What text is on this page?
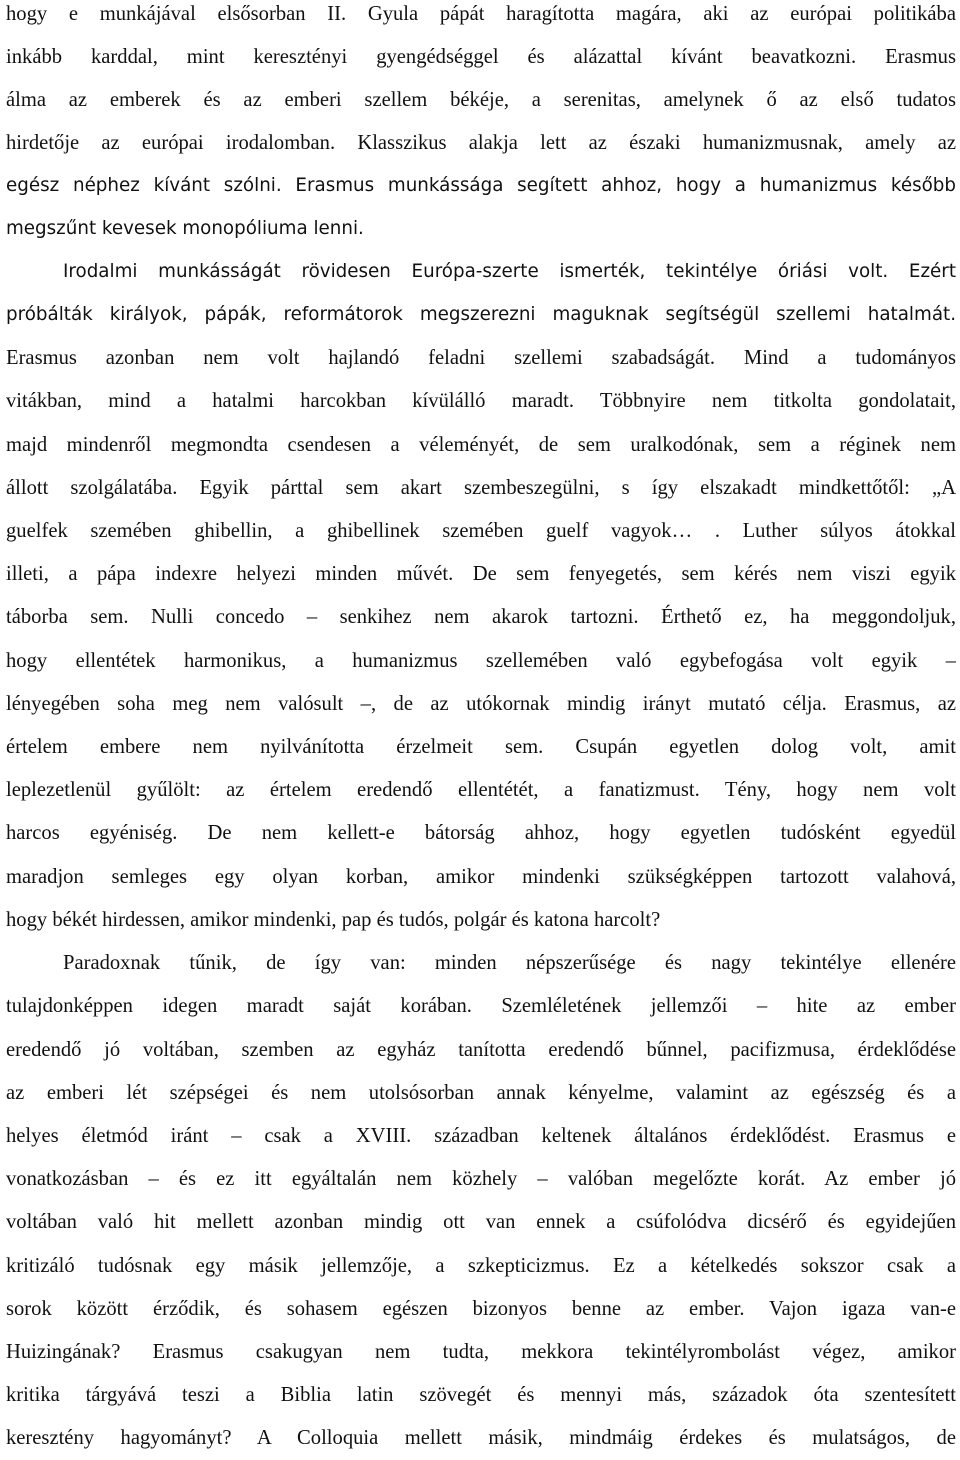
hogy e munkájával elsősorban II. Gyula pápát haragította magára, aki az európai politikába
inkább karddal, mint keresztényi gyengédséggel és alázattal kívánt beavatkozni. Erasmus
álma az emberek és az emberi szellem békéje, a serenitas, amelynek ő az első tudatos
hirdetője az európai irodalomban. Klasszikus alakja lett az északi humanizmusnak, amely az
egész néphez kívánt szólni. Erasmus munkássága segített ahhoz, hogy a humanizmus később
megszűnt kevesek monopóliuma lenni.
Irodalmi munkásságát rövidesen Európa-szerte ismerték, tekintélye óriási volt. Ezért
próbálták királyok, pápák, reformátorok megszerezni maguknak segítségül szellemi hatalmát.
Erasmus azonban nem volt hajlandó feladni szellemi szabadságát. Mind a tudományos
vitákban, mind a hatalmi harcokban kívülálló maradt. Többnyire nem titkolta gondolatait,
majd mindenről megmondta csendesen a véleményét, de sem uralkodónak, sem a réginek nem
állott szolgálatába. Egyik párttal sem akart szembeszegülni, s így elszakadt mindkettőtől: „A
guelfek szemében ghibellin, a ghibellinek szemében guelf vagyok… . Luther súlyos átokkal
illeti, a pápa indexre helyezi minden művét. De sem fenyegetés, sem kérés nem viszi egyik
táborba sem. Nulli concedo – senkihez nem akarok tartozni. Érthető ez, ha meggondoljuk,
hogy ellentétek harmonikus, a humanizmus szellemében való egybefogása volt egyik –
lényegében soha meg nem valósult –, de az utókornak mindig irányt mutató célja. Erasmus, az
értelem embere nem nyilvánította érzelmeit sem. Csupán egyetlen dolog volt, amit
leplezetlenül gyűlölt: az értelem eredendő ellentétét, a fanatizmust. Tény, hogy nem volt
harcos egyéniség. De nem kellett-e bátorság ahhoz, hogy egyetlen tudósként egyedül
maradjon semleges egy olyan korban, amikor mindenki szükségképpen tartozott valahová,
hogy békét hirdessen, amikor mindenki, pap és tudós, polgár és katona harcolt?
Paradoxnak tűnik, de így van: minden népszerűsége és nagy tekintélye ellenére
tulajdonképpen idegen maradt saját korában. Szemléletének jellemzői – hite az ember
eredendő jó voltában, szemben az egyház tanította eredendő bűnnel, pacifizmusa, érdeklődése
az emberi lét szépségei és nem utolsósorban annak kényelme, valamint az egészség és a
helyes életmód iránt – csak a XVIII. században keltenek általános érdeklődést. Erasmus e
vonatkozásban – és ez itt egyáltalán nem közhely – valóban megelőzte korát. Az ember jó
voltában való hit mellett azonban mindig ott van ennek a csúfolódva dicsérő és egyidejűen
kritizáló tudósnak egy másik jellemzője, a szkepticizmus. Ez a kételkedés sokszor csak a
sorok között érződik, és sohasem egészen bizonyos benne az ember. Vajon igaza van-e
Huizingának? Erasmus csakugyan nem tudta, mekkora tekintélyrombolást végez, amikor
kritika tárgyává teszi a Biblia latin szövegét és mennyi más, századok óta szentesített
keresztény hagyományt? A Colloquia mellett másik, mindmáig érdekes és mulatságos, de
